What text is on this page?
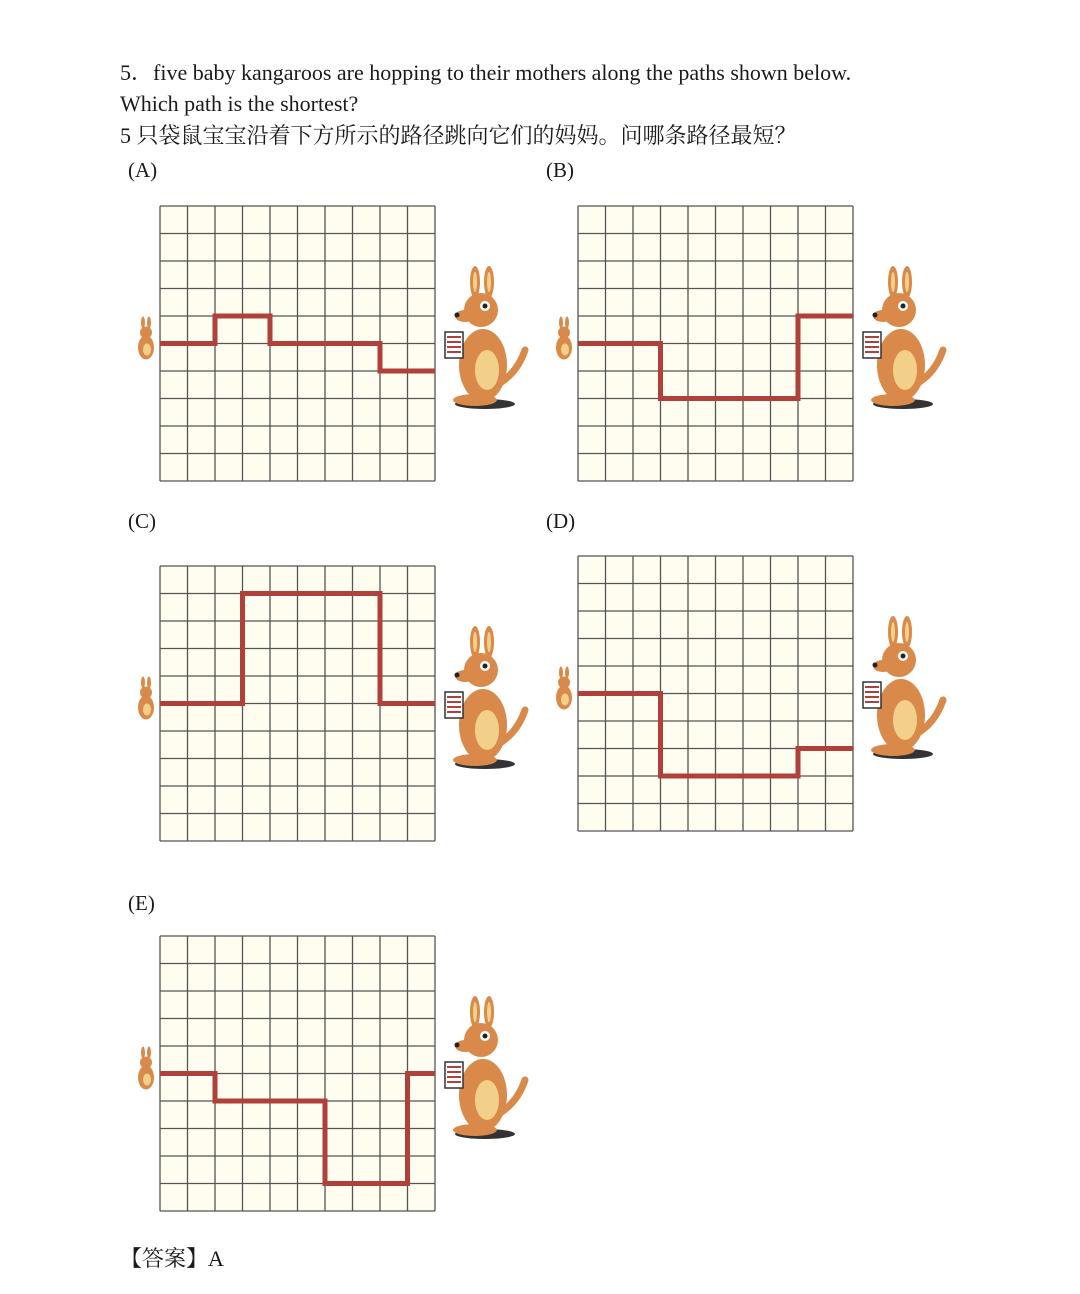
5．five baby kangaroos are hopping to their mothers along the paths shown below.
Which path is the shortest?
5 只袋鼠宝宝沿着下方所示的路径跳向它们的妈妈。问哪条路径最短？
(A)	(B)
(C)	(D)
(E)
【答案】A
